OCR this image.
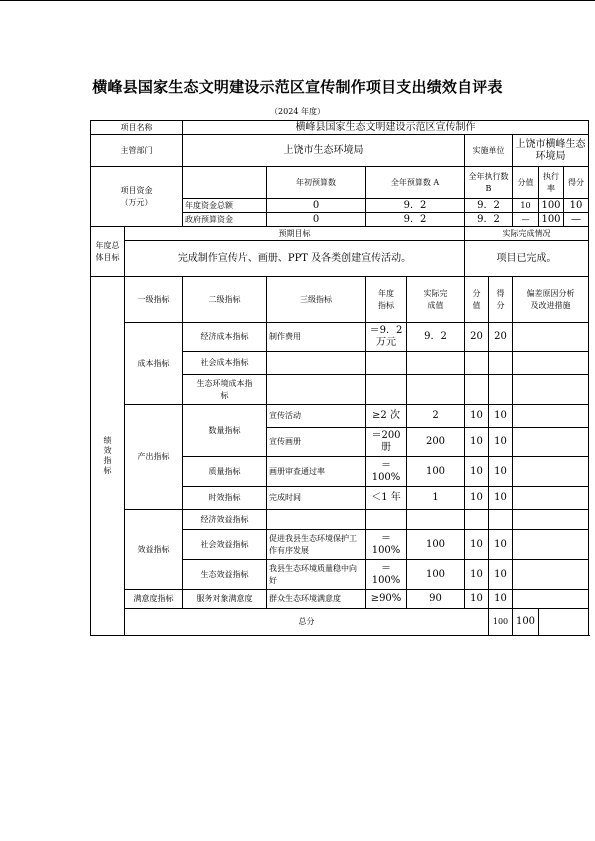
横峰县国家生态文明建设示范区宣传制作项目支出绩效自评表
（2024 年度）
项目名称		横峰县国家生态文明建设示范区宣传制作								
主管部门		上饶市生态环境局				实施单位		上饶市横峰生态环境局		

项目资金
（万元）			年初预算数	全年预算数 A		全年执行数 B		分值	执行率	得分
		年度资金总额	0	9．2		9．2		10	100	10
		政府预算资金	0	9．2		9．2		—	100	—

年度总体目标	预期目标					实际完成情况				
	完成制作宣传片、画册、PPT 及各类创建宣传活动。					项目已完成。				

绩效指标	一级指标	二级指标	三级指标	年度指标	实际完成值	分值	得分	偏差原因分析及改进措施		

	成本指标	经济成本指标	制作费用	＝9．2 万元	9．2	20	20			
		社会成本指标								

		生态环境成本指标								

	产出指标	数量指标	宣传活动	≥2 次	2	10	10			
			宣传画册	＝200 册	200	10	10			
		质量指标	画册审查通过率	＝ 100%	100	10	10			
		时效指标	完成时间	＜1 年	1	10	10			
	效益指标	经济效益指标								
		社会效益指标	促进我县生态环境保护工作有序发展	＝ 100%	100	10	10			
		生态效益指标	我县生态环境质量稳中向好	＝ 100%	100	10	10			
	满意度指标	服务对象满意度	群众生态环境满意度	≥90%	90	10	10			
	总分						100	100		
